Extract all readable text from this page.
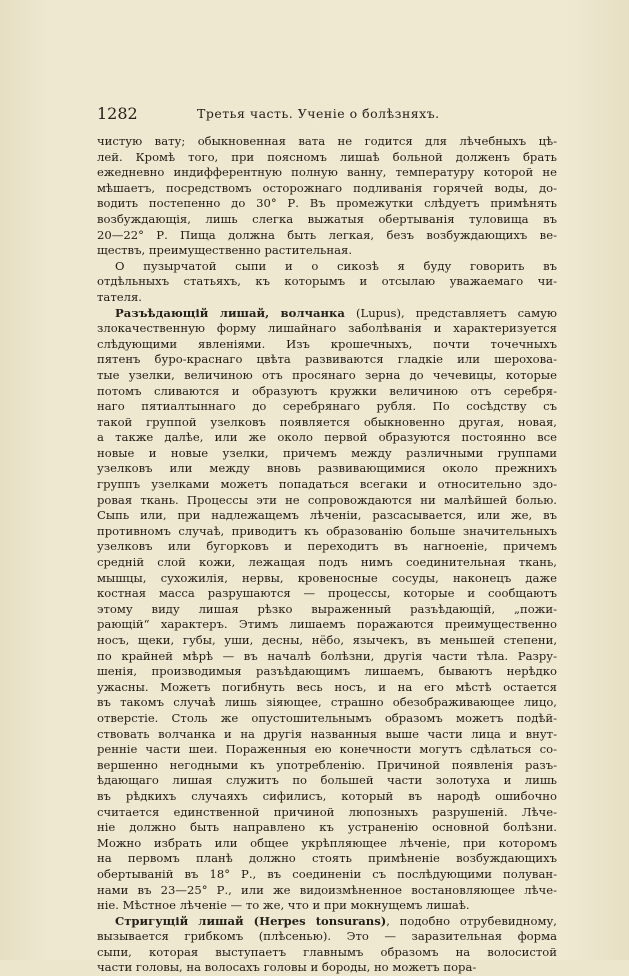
1282	Третья часть. Ученіе о болѣзняхъ.
чистую вату; обыкновенная вата не годится для лѣчебныхъ цѣ-
лей. Кромѣ того, при поясномъ лишаѣ больной долженъ брать
ежедневно индифферентную полную ванну, температуру которой не
мѣшаетъ, посредствомъ осторожнаго подливанія горячей воды, до-
водить постепенно до 30° Р. Въ промежутки слѣдуетъ примѣнять
возбуждающія, лишь слегка выжатыя обертыванія туловища въ
20—22° Р. Пища должна быть легкая, безъ возбуждающихъ ве-
ществъ, преимущественно растительная.
О пузырчатой сыпи и о сикозѣ я буду говорить въ
отдѣльныхъ статьяхъ, къ которымъ и отсылаю уважаемаго чи-
тателя.
Разъѣдающій лишай, волчанка (Lupus), представляетъ самую
злокачественную форму лишайнаго заболѣванія и характеризуется
слѣдующими явленіями. Изъ крошечныхъ, почти точечныхъ
пятенъ буро-краснаго цвѣта развиваются гладкіе или шерохова-
тые узелки, величиною отъ просянаго зерна до чечевицы, которые
потомъ сливаются и образуютъ кружки величиною отъ серебря-
наго пятиалтыннаго до серебрянаго рубля. По сосѣдству съ
такой группой узелковъ появляется обыкновенно другая, новая,
а также далѣе, или же около первой образуются постоянно все
новые и новые узелки, причемъ между различными группами
узелковъ или между вновь развивающимися около прежнихъ
группъ узелками можетъ попадаться всегаки и относительно здо-
ровая ткань. Процессы эти не сопровождаются ни малѣйшей болью.
Сыпь или, при надлежащемъ лѣченіи, разсасывается, или же, въ
противномъ случаѣ, приводитъ къ образованію больше значительныхъ
узелковъ или бугорковъ и переходитъ въ нагноеніе, причемъ
средній слой кожи, лежащая подъ нимъ соединительная ткань,
мышцы, сухожилія, нервы, кровеносные сосуды, наконецъ даже
костная масса разрушаются — процессы, которые и сообщаютъ
этому виду лишая рѣзко выраженный разъѣдающій, „пожи-
рающій“ характеръ. Этимъ лишаемъ поражаются преимущественно
носъ, щеки, губы, уши, десны, нёбо, язычекъ, въ меньшей степени,
по крайней мѣрѣ — въ началѣ болѣзни, другія части тѣла. Разру-
шенія, производимыя разъѣдающимъ лишаемъ, бываютъ нерѣдко
ужасны. Можетъ погибнуть весь носъ, и на его мѣстѣ остается
въ такомъ случаѣ лишь зіяющее, страшно обезображивающее лицо,
отверстіе. Столь же опустошительнымъ образомъ можетъ подѣй-
ствовать волчанка и на другія названныя выше части лица и внут-
ренніе части шеи. Пораженныя ею конечности могутъ сдѣлаться со-
вершенно негодными къ употребленію. Причиной появленія разъ-
ѣдающаго лишая служитъ по большей части золотуха и лишь
въ рѣдкихъ случаяхъ сифилисъ, который въ народѣ ошибочно
считается единственной причиной люпозныхъ разрушеній. Лѣче-
ніе должно быть направлено къ устраненію основной болѣзни.
Можно избрать или общее укрѣпляющее лѣченіе, при которомъ
на первомъ планѣ должно стоять примѣненіе возбуждающихъ
обертываній въ 18° Р., въ соединеніи съ послѣдующими полуван-
нами въ 23—25° Р., или же видоизмѣненное востановляющее лѣче-
ніе. Мѣстное лѣченіе — то же, что и при мокнущемъ лишаѣ.
Стригущій лишай (Herpes tonsurans), подобно отрубевидному,
вызывается грибкомъ (плѣсенью). Это — заразительная форма
сыпи, которая выступаетъ главнымъ образомъ на волосистой
части головы, на волосахъ головы и бороды, но можетъ пора-
